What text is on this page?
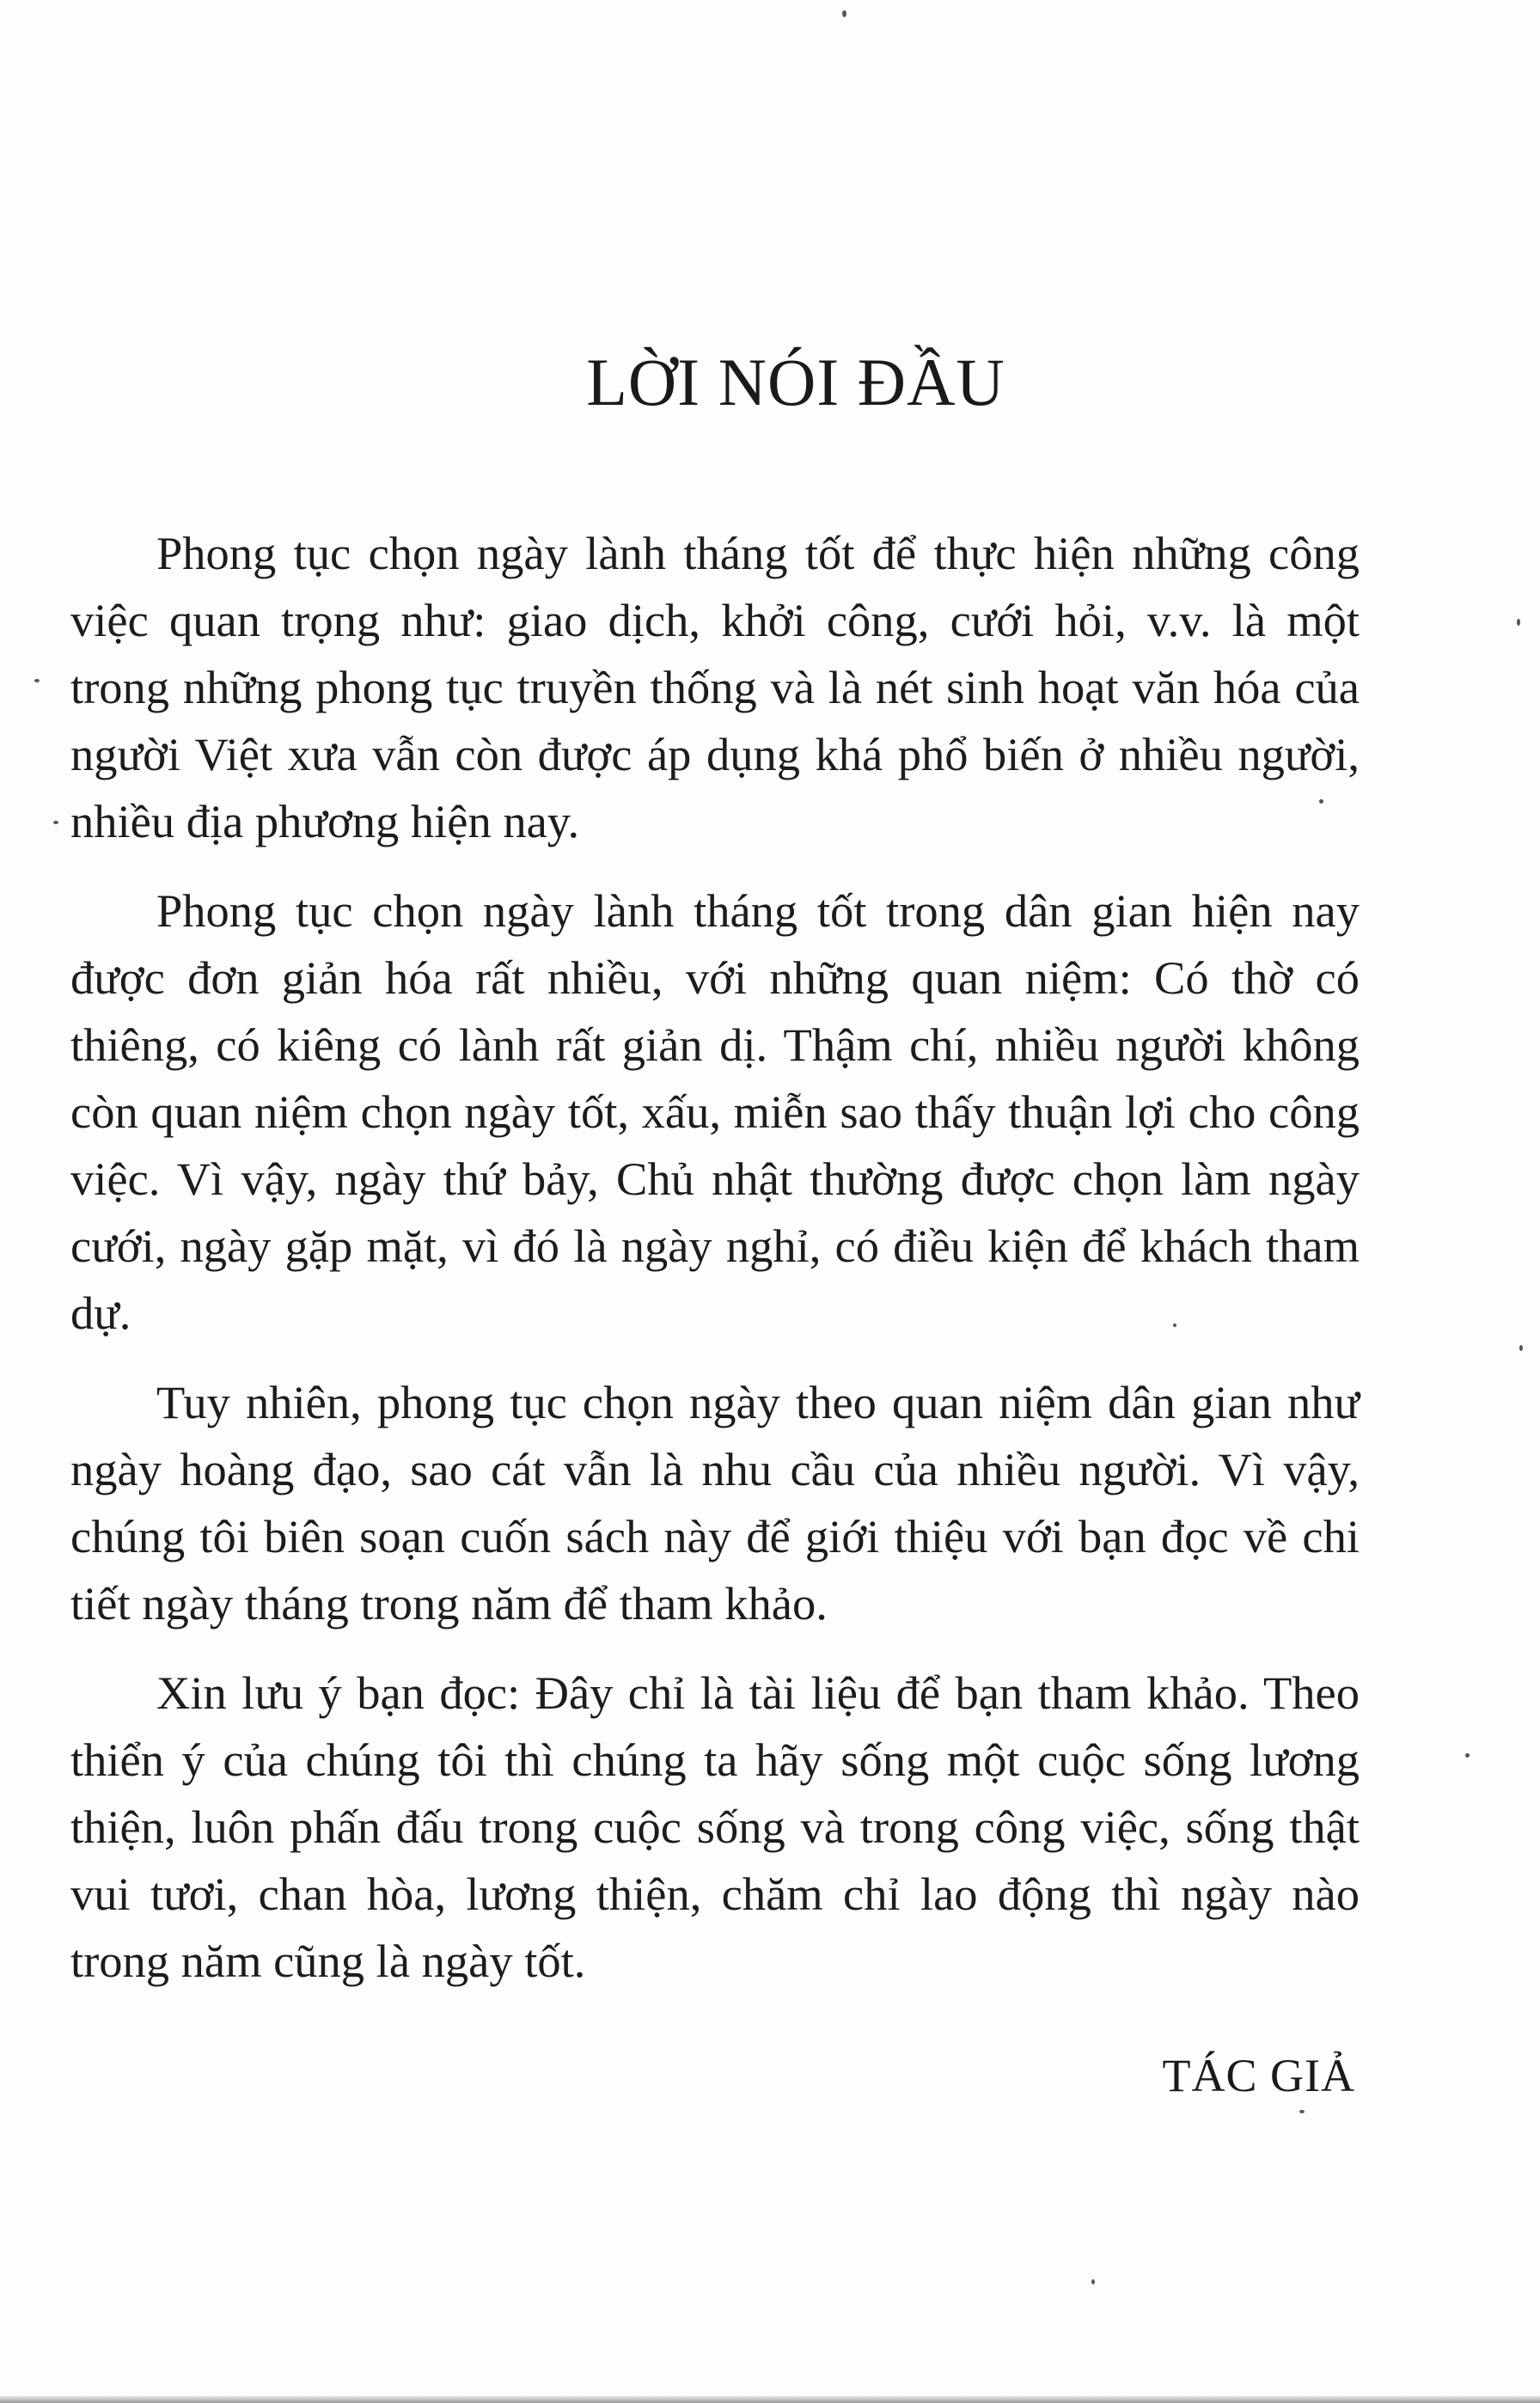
LỜI NÓI ĐẦU

Phong tục chọn ngày lành tháng tốt để thực hiện những công việc quan trọng như: giao dịch, khởi công, cưới hỏi, v.v. là một trong những phong tục truyền thống và là nét sinh hoạt văn hóa của người Việt xưa vẫn còn được áp dụng khá phổ biến ở nhiều người, nhiều địa phương hiện nay.

Phong tục chọn ngày lành tháng tốt trong dân gian hiện nay được đơn giản hóa rất nhiều, với những quan niệm: Có thờ có thiêng, có kiêng có lành rất giản dị. Thậm chí, nhiều người không còn quan niệm chọn ngày tốt, xấu, miễn sao thấy thuận lợi cho công việc. Vì vậy, ngày thứ bảy, Chủ nhật thường được chọn làm ngày cưới, ngày gặp mặt, vì đó là ngày nghỉ, có điều kiện để khách tham dự.

Tuy nhiên, phong tục chọn ngày theo quan niệm dân gian như ngày hoàng đạo, sao cát vẫn là nhu cầu của nhiều người. Vì vậy, chúng tôi biên soạn cuốn sách này để giới thiệu với bạn đọc về chi tiết ngày tháng trong năm để tham khảo.

Xin lưu ý bạn đọc: Đây chỉ là tài liệu để bạn tham khảo. Theo thiển ý của chúng tôi thì chúng ta hãy sống một cuộc sống lương thiện, luôn phấn đấu trong cuộc sống và trong công việc, sống thật vui tươi, chan hòa, lương thiện, chăm chỉ lao động thì ngày nào trong năm cũng là ngày tốt.

TÁC GIẢ
